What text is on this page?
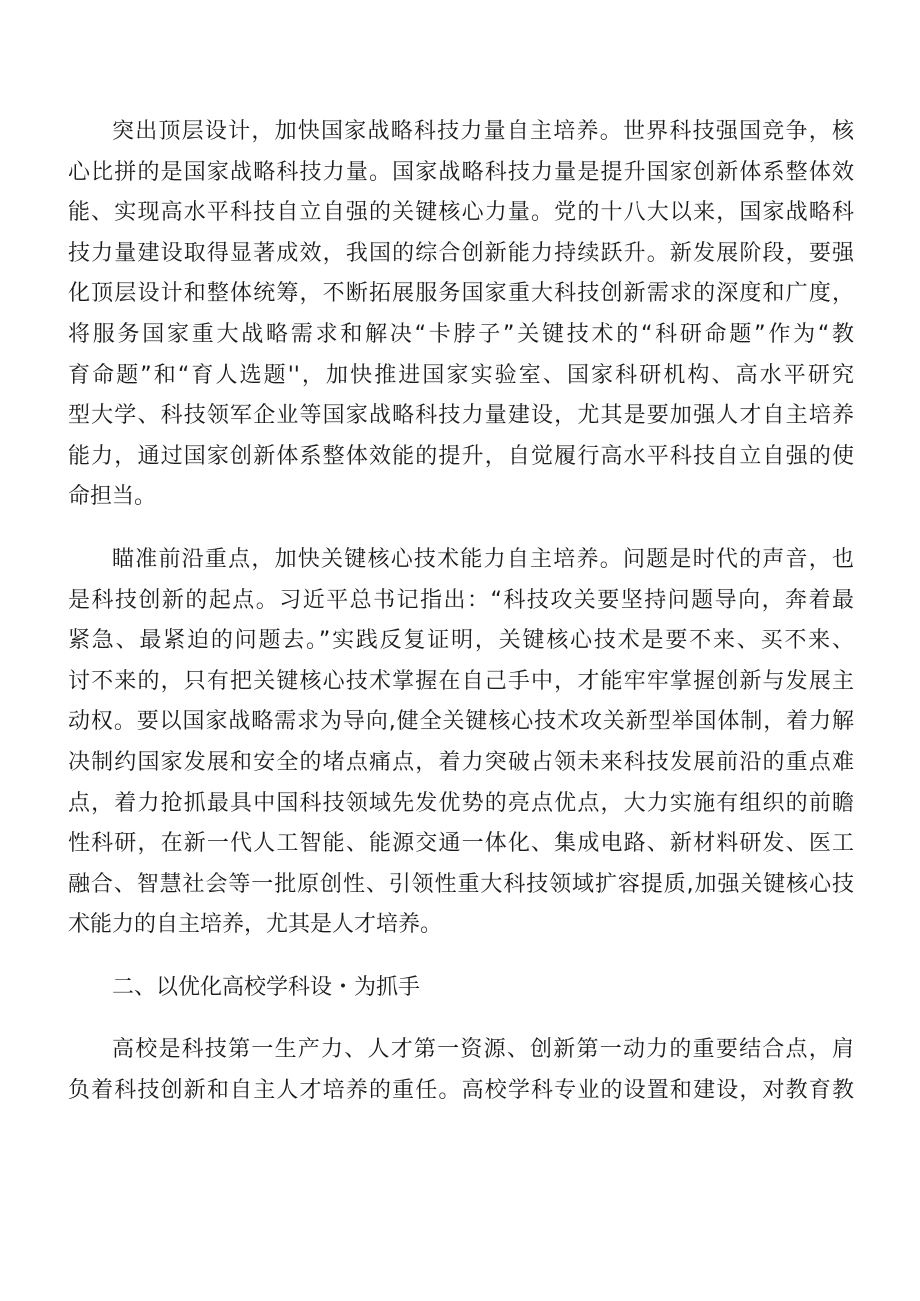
突出顶层设计，加快国家战略科技力量自主培养。世界科技强国竞争，核
心比拼的是国家战略科技力量。国家战略科技力量是提升国家创新体系整体效
能、实现高水平科技自立自强的关键核心力量。党的十八大以来，国家战略科
技力量建设取得显著成效，我国的综合创新能力持续跃升。新发展阶段，要强
化顶层设计和整体统筹，不断拓展服务国家重大科技创新需求的深度和广度，
将服务国家重大战略需求和解决“卡脖子”关键技术的“科研命题”作为“教
育命题”和“育人选题''，加快推进国家实验室、国家科研机构、高水平研究
型大学、科技领军企业等国家战略科技力量建设，尤其是要加强人才自主培养
能力，通过国家创新体系整体效能的提升，自觉履行高水平科技自立自强的使
命担当。
瞄准前沿重点，加快关键核心技术能力自主培养。问题是时代的声音，也
是科技创新的起点。习近平总书记指出：“科技攻关要坚持问题导向，奔着最
紧急、最紧迫的问题去。”实践反复证明，关键核心技术是要不来、买不来、
讨不来的，只有把关键核心技术掌握在自己手中，才能牢牢掌握创新与发展主
动权。要以国家战略需求为导向,健全关键核心技术攻关新型举国体制，着力解
决制约国家发展和安全的堵点痛点，着力突破占领未来科技发展前沿的重点难
点，着力抢抓最具中国科技领域先发优势的亮点优点，大力实施有组织的前瞻
性科研，在新一代人工智能、能源交通一体化、集成电路、新材料研发、医工
融合、智慧社会等一批原创性、引领性重大科技领域扩容提质,加强关键核心技
术能力的自主培养，尤其是人才培养。
二、以优化高校学科设・为抓手
高校是科技第一生产力、人才第一资源、创新第一动力的重要结合点，肩
负着科技创新和自主人才培养的重任。高校学科专业的设置和建设，对教育教
